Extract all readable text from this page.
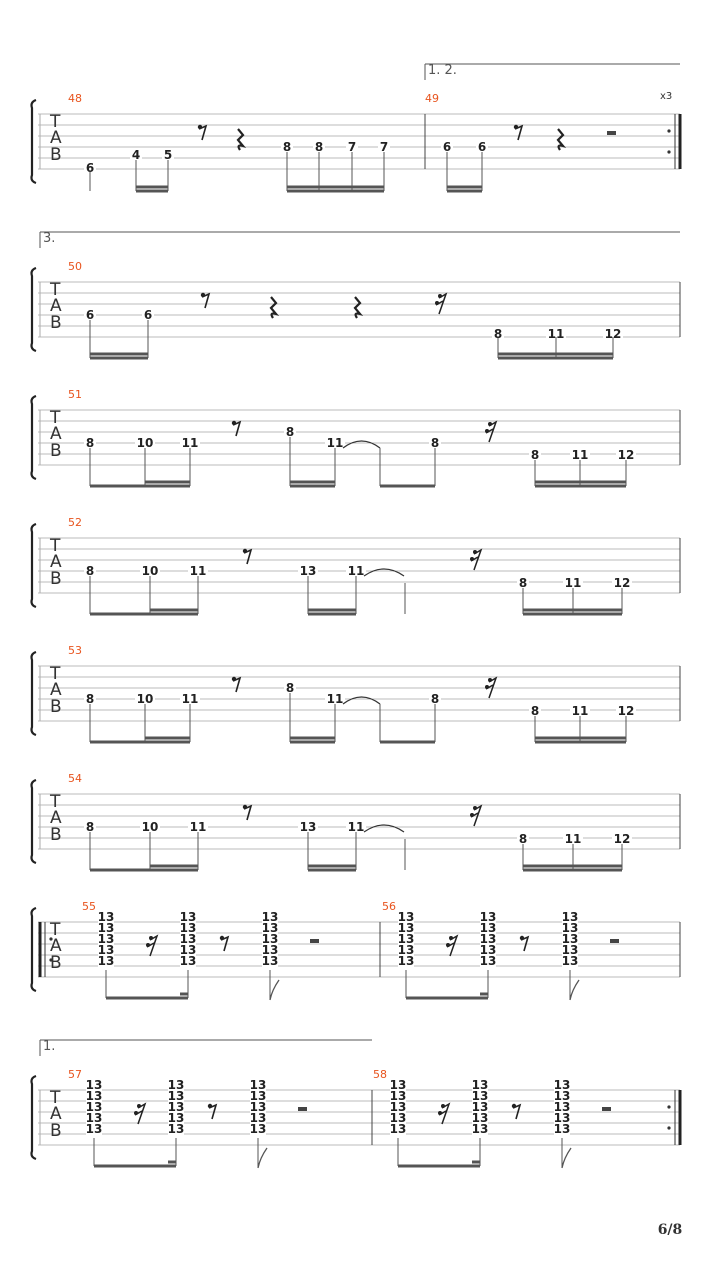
T
A
B
1. 2.
x3
48	49
6
4 5
8 8 7 7	6 6
T
A
B
3.
50
6	6
8	11	12
T
A
B
51
8	10 11
8
11	8
8	11 12
T
A
B
53
8	10 11
8
11	8
8	11 12
T
A
B
52
8	10	11	13	11
8	11	12
T
A
B
54
8	10	11	13	11
8	11	12
T
A
B
55	56
13
13
13
13
13
13
13
13
13
13
13
13
13
13
13
13
13
13
13
13
13
13
13
13
13
13
13
13
13
13
T
A
B
1.
57	58
13
13
13
13
13
13
13
13
13
13
13
13
13
13
13
13
13
13
13
13
13
13
13
13
13
13
13
13
13
13
6/8
